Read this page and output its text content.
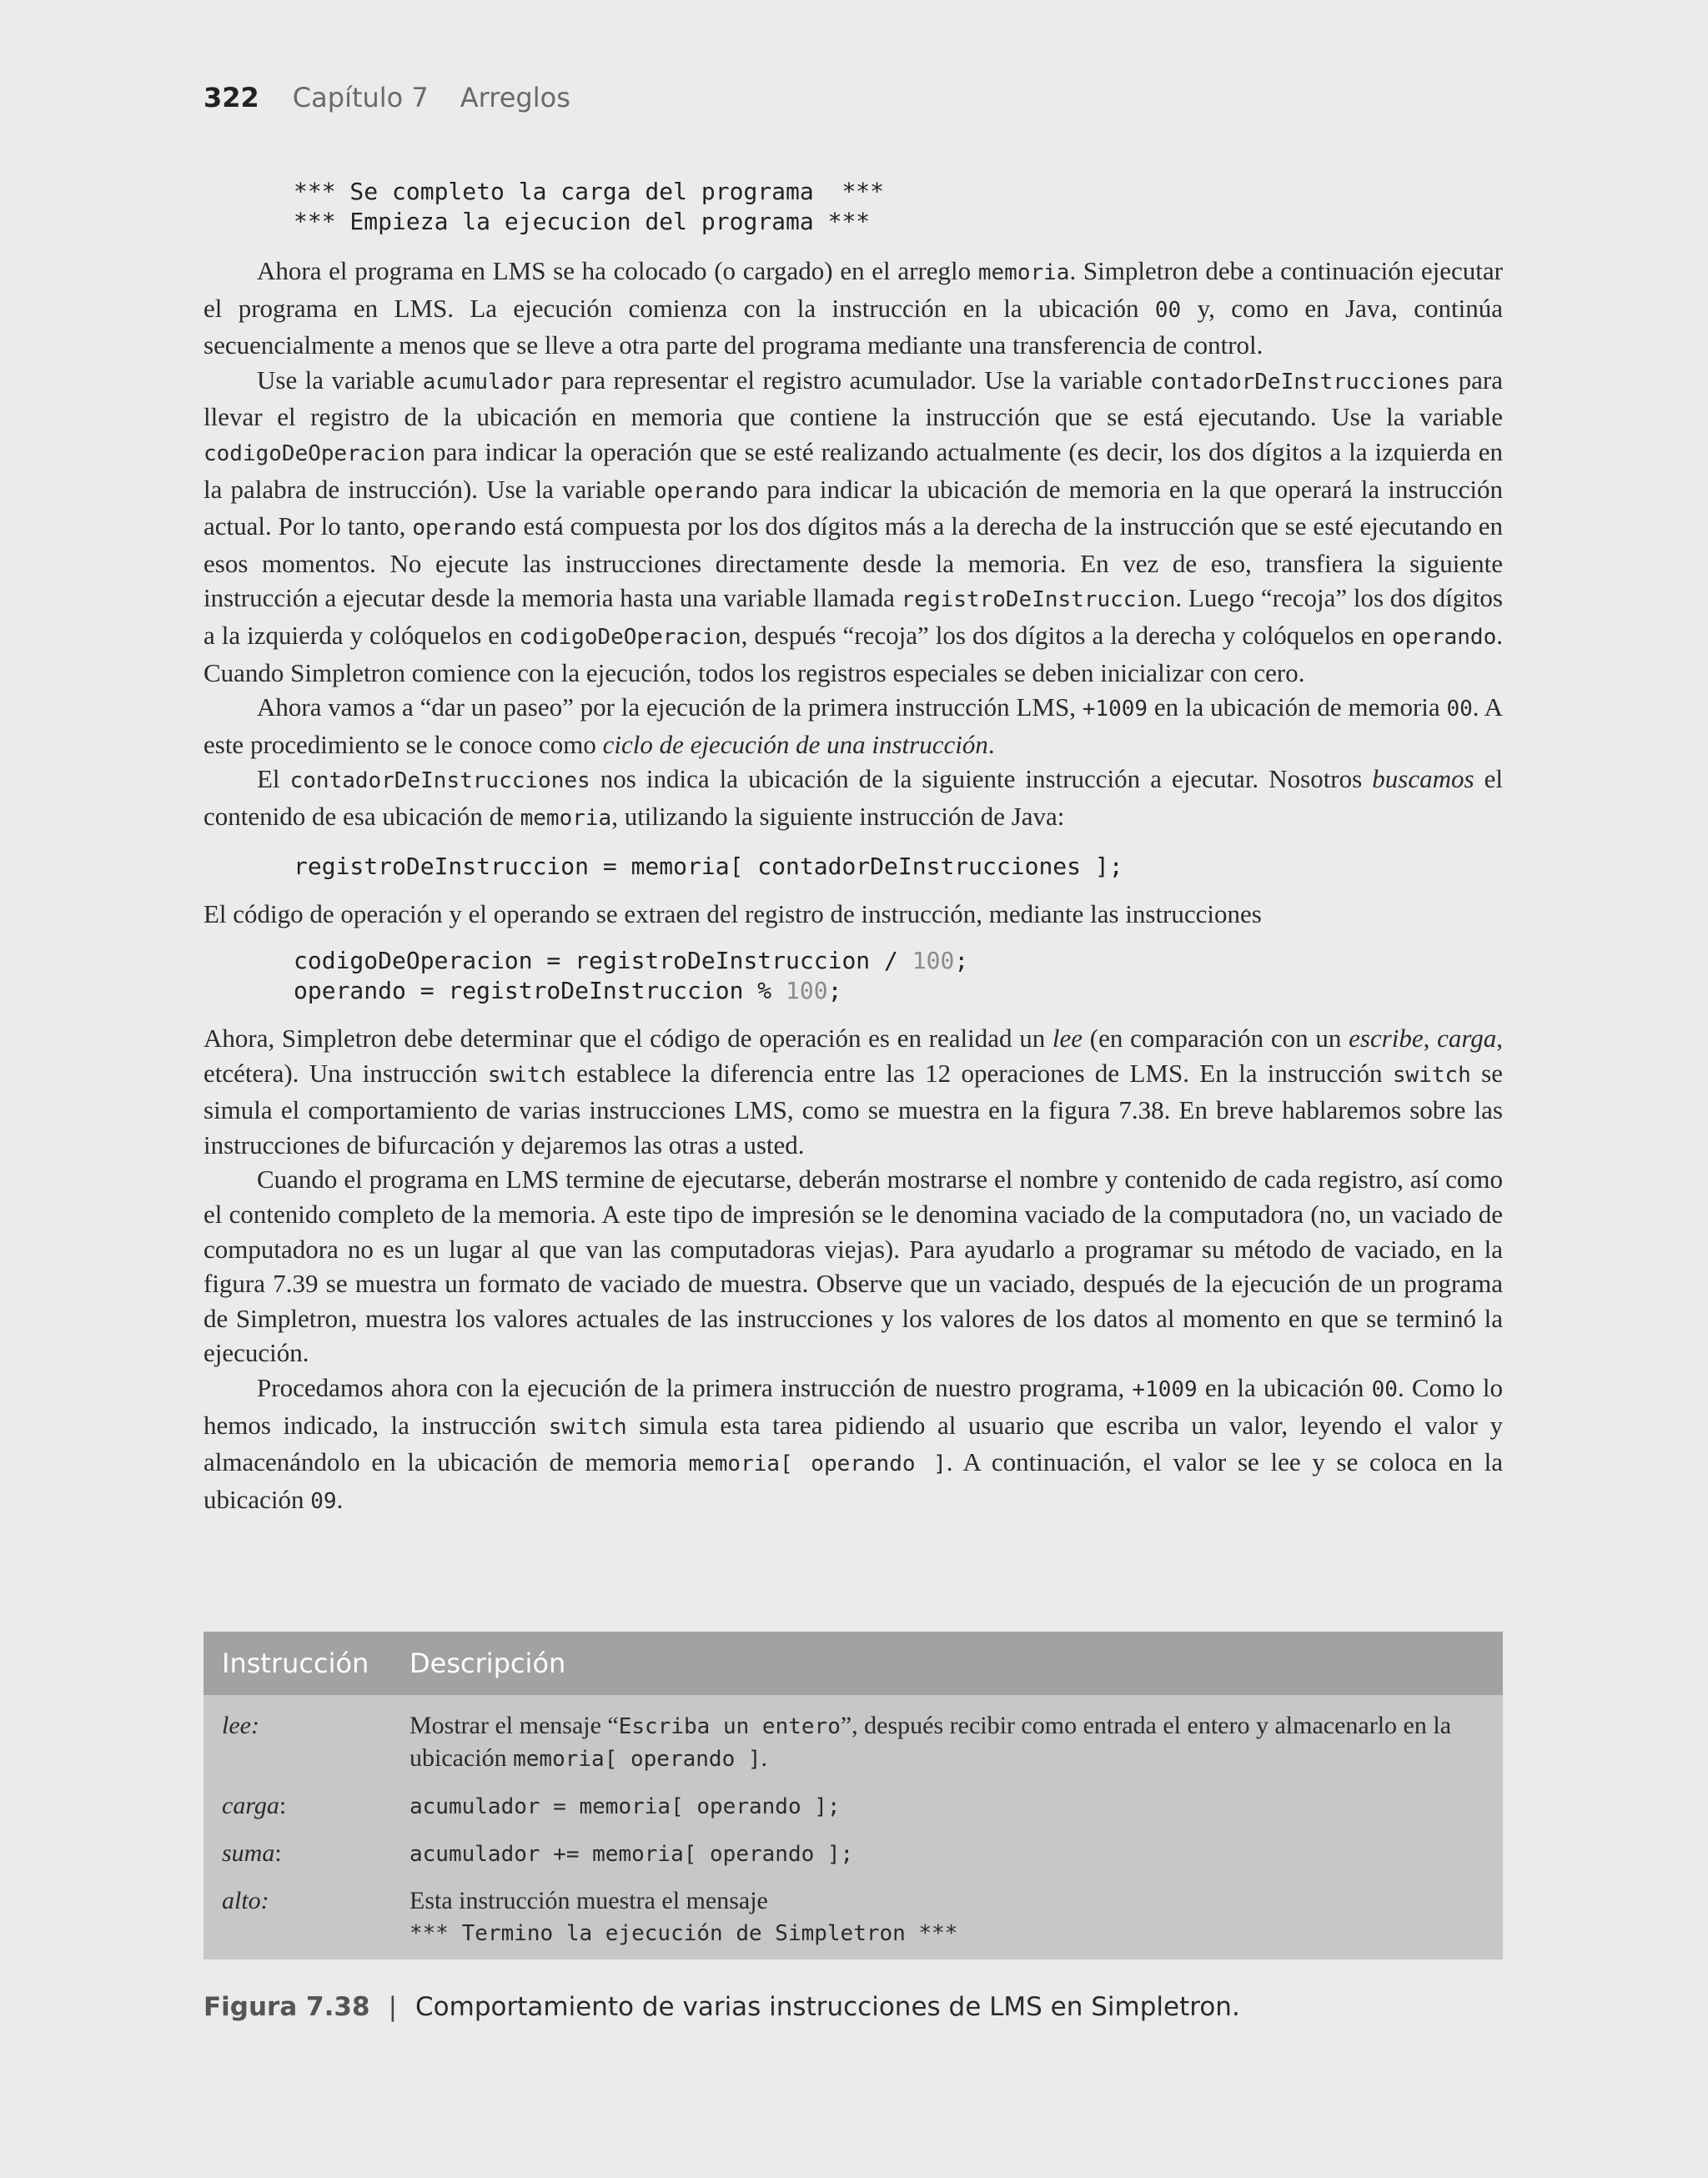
322 Capítulo 7 Arreglos
*** Se completo la carga del programa  ***
*** Empieza la ejecucion del programa ***

Ahora el programa en LMS se ha colocado (o cargado) en el arreglo memoria. Simpletron debe a continuación ejecutar el programa en LMS. La ejecución comienza con la instrucción en la ubicación 00 y, como en Java, continúa secuencialmente a menos que se lleve a otra parte del programa mediante una transferencia de control.

Use la variable acumulador para representar el registro acumulador. Use la variable contadorDeInstrucciones para llevar el registro de la ubicación en memoria que contiene la instrucción que se está ejecutando. Use la variable codigoDeOperacion para indicar la operación que se esté realizando actualmente (es decir, los dos dígitos a la izquierda en la palabra de instrucción). Use la variable operando para indicar la ubicación de memoria en la que operará la instrucción actual. Por lo tanto, operando está compuesta por los dos dígitos más a la derecha de la instrucción que se esté ejecutando en esos momentos. No ejecute las instrucciones directamente desde la memoria. En vez de eso, transfiera la siguiente instrucción a ejecutar desde la memoria hasta una variable llamada registroDeInstruccion. Luego “recoja” los dos dígitos a la izquierda y colóquelos en codigoDeOperacion, después “recoja” los dos dígitos a la derecha y colóquelos en operando. Cuando Simpletron comience con la ejecución, todos los registros especiales se deben inicializar con cero.

Ahora vamos a “dar un paseo” por la ejecución de la primera instrucción LMS, +1009 en la ubicación de memoria 00. A este procedimiento se le conoce como ciclo de ejecución de una instrucción.

El contadorDeInstrucciones nos indica la ubicación de la siguiente instrucción a ejecutar. Nosotros buscamos el contenido de esa ubicación de memoria, utilizando la siguiente instrucción de Java:

registroDeInstruccion = memoria[ contadorDeInstrucciones ];

El código de operación y el operando se extraen del registro de instrucción, mediante las instrucciones

codigoDeOperacion = registroDeInstruccion / 100;
operando = registroDeInstruccion % 100;

Ahora, Simpletron debe determinar que el código de operación es en realidad un lee (en comparación con un escribe, carga, etcétera). Una instrucción switch establece la diferencia entre las 12 operaciones de LMS. En la instrucción switch se simula el comportamiento de varias instrucciones LMS, como se muestra en la figura 7.38. En breve hablaremos sobre las instrucciones de bifurcación y dejaremos las otras a usted.

Cuando el programa en LMS termine de ejecutarse, deberán mostrarse el nombre y contenido de cada registro, así como el contenido completo de la memoria. A este tipo de impresión se le denomina vaciado de la computadora (no, un vaciado de computadora no es un lugar al que van las computadoras viejas). Para ayudarlo a programar su método de vaciado, en la figura 7.39 se muestra un formato de vaciado de muestra. Observe que un vaciado, después de la ejecución de un programa de Simpletron, muestra los valores actuales de las instrucciones y los valores de los datos al momento en que se terminó la ejecución.

Procedamos ahora con la ejecución de la primera instrucción de nuestro programa, +1009 en la ubicación 00. Como lo hemos indicado, la instrucción switch simula esta tarea pidiendo al usuario que escriba un valor, leyendo el valor y almacenándolo en la ubicación de memoria memoria[ operando ]. A continuación, el valor se lee y se coloca en la ubicación 09.

Instrucción	Descripción
lee:	Mostrar el mensaje “Escriba un entero”, después recibir como entrada el entero y almacenarlo en la ubicación memoria[ operando ].
carga:	acumulador = memoria[ operando ];
suma:	acumulador += memoria[ operando ];
alto:	Esta instrucción muestra el mensaje
*** Termino la ejecución de Simpletron ***
Figura 7.38 | Comportamiento de varias instrucciones de LMS en Simpletron.
